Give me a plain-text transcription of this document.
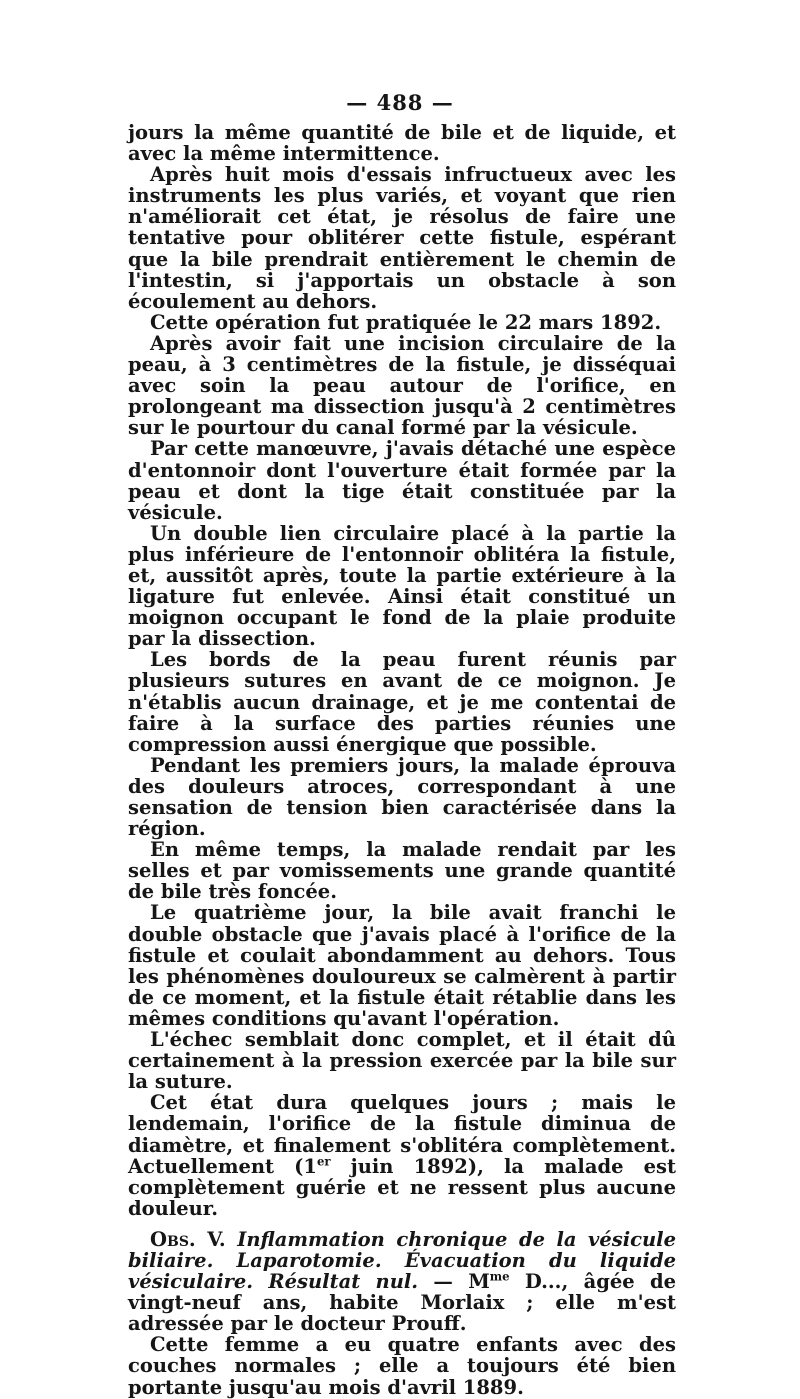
— 488 —

jours la même quantité de bile et de liquide, et avec la même intermittence.

Après huit mois d'essais infructueux avec les instruments les plus variés, et voyant que rien n'améliorait cet état, je résolus de faire une tentative pour oblitérer cette fistule, espérant que la bile prendrait entièrement le chemin de l'intestin, si j'apportais un obstacle à son écoulement au dehors.

Cette opération fut pratiquée le 22 mars 1892.

Après avoir fait une incision circulaire de la peau, à 3 centimètres de la fistule, je disséquai avec soin la peau autour de l'orifice, en prolongeant ma dissection jusqu'à 2 centimètres sur le pourtour du canal formé par la vésicule.

Par cette manœuvre, j'avais détaché une espèce d'entonnoir dont l'ouverture était formée par la peau et dont la tige était constituée par la vésicule.

Un double lien circulaire placé à la partie la plus inférieure de l'entonnoir oblitéra la fistule, et, aussitôt après, toute la partie extérieure à la ligature fut enlevée. Ainsi était constitué un moignon occupant le fond de la plaie produite par la dissection.

Les bords de la peau furent réunis par plusieurs sutures en avant de ce moignon. Je n'établis aucun drainage, et je me contentai de faire à la surface des parties réunies une compression aussi énergique que possible.

Pendant les premiers jours, la malade éprouva des douleurs atroces, correspondant à une sensation de tension bien caractérisée dans la région.

En même temps, la malade rendait par les selles et par vomissements une grande quantité de bile très foncée.

Le quatrième jour, la bile avait franchi le double obstacle que j'avais placé à l'orifice de la fistule et coulait abondamment au dehors. Tous les phénomènes douloureux se calmèrent à partir de ce moment, et la fistule était rétablie dans les mêmes conditions qu'avant l'opération.

L'échec semblait donc complet, et il était dû certainement à la pression exercée par la bile sur la suture.

Cet état dura quelques jours ; mais le lendemain, l'orifice de la fistule diminua de diamètre, et finalement s'oblitéra complètement. Actuellement (1er juin 1892), la malade est complètement guérie et ne ressent plus aucune douleur.

Obs. V. Inflammation chronique de la vésicule biliaire. Laparotomie. Évacuation du liquide vésiculaire. Résultat nul. — $M^{me}$ D..., âgée de vingt-neuf ans, habite Morlaix ; elle m'est adressée par le docteur Prouff.

Cette femme a eu quatre enfants avec des couches normales ; elle a toujours été bien portante jusqu'au mois d'avril 1889.
